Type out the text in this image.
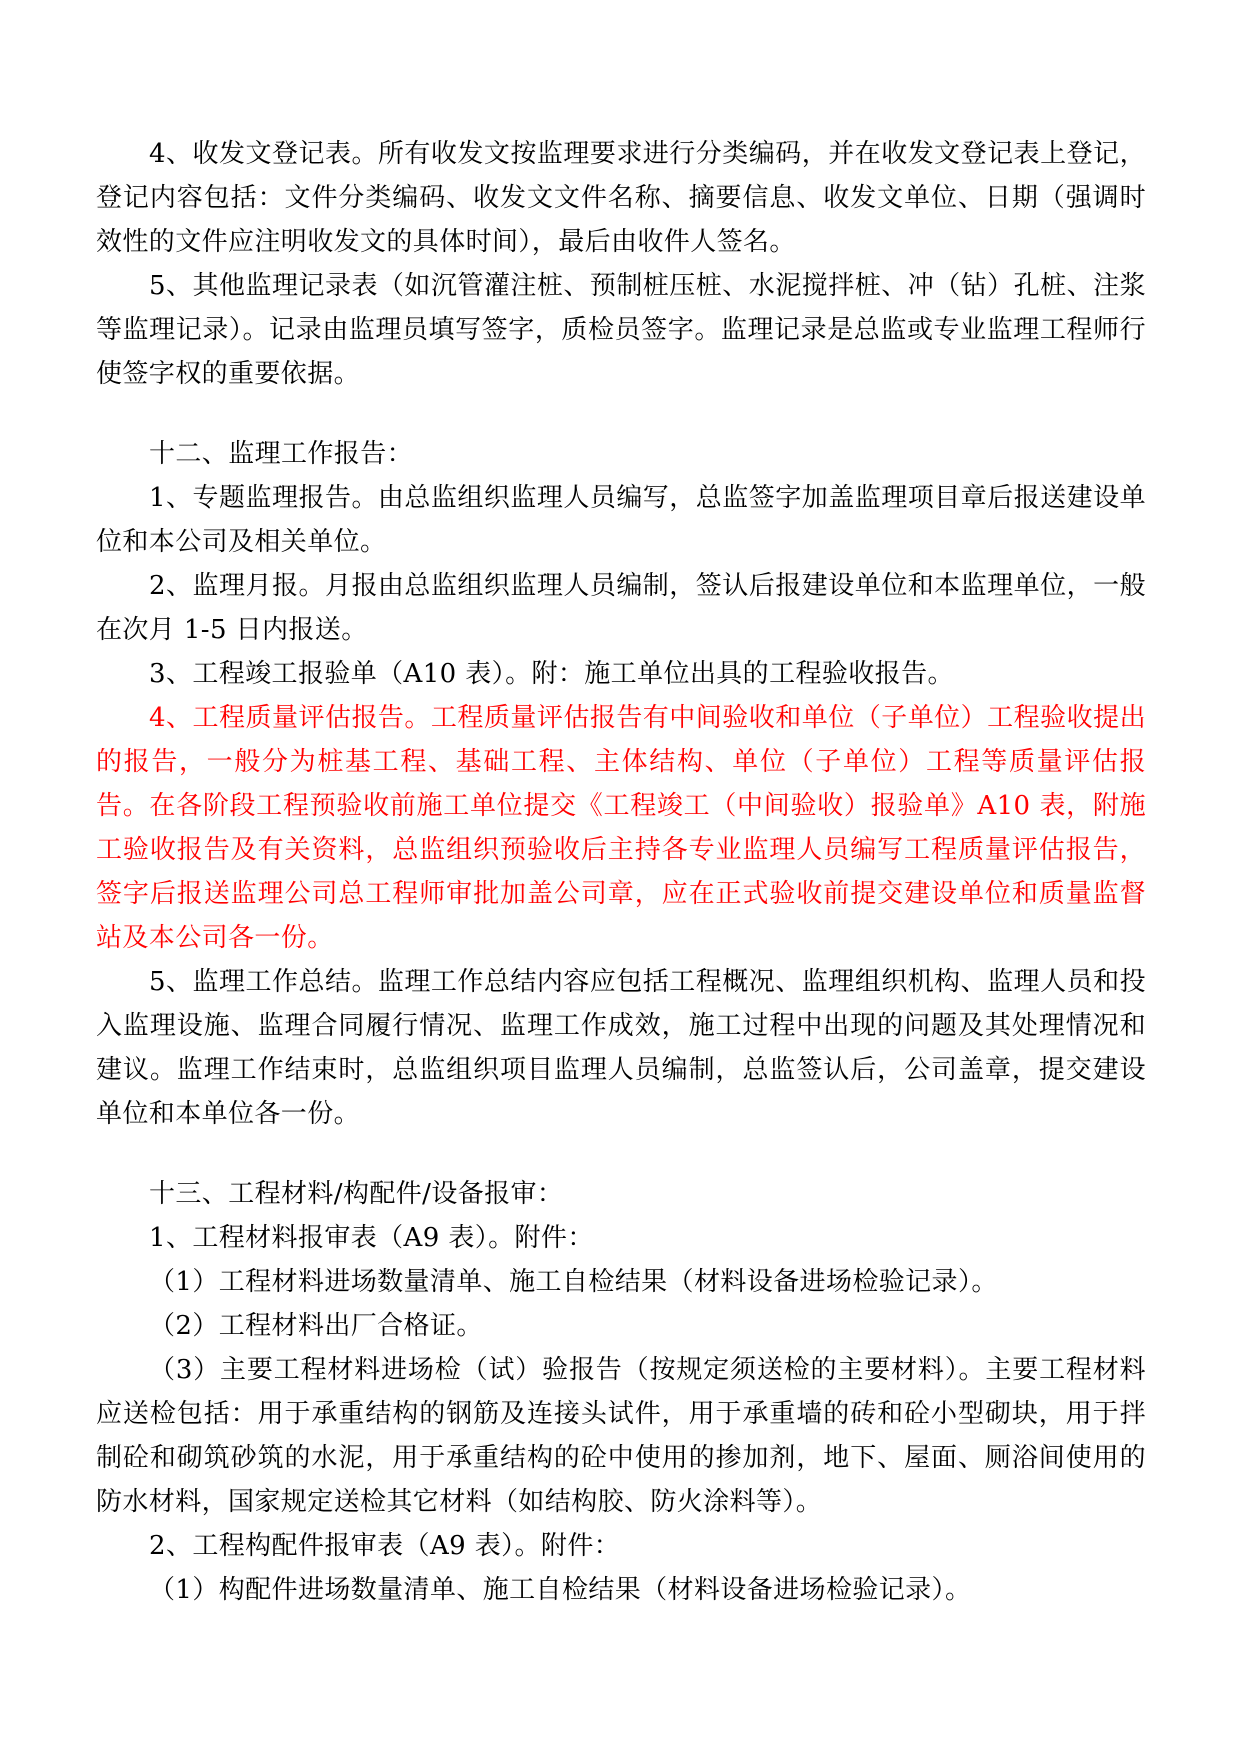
4、收发文登记表。所有收发文按监理要求进行分类编码，并在收发文登记表上登记，登记内容包括：文件分类编码、收发文文件名称、摘要信息、收发文单位、日期（强调时效性的文件应注明收发文的具体时间），最后由收件人签名。

5、其他监理记录表（如沉管灌注桩、预制桩压桩、水泥搅拌桩、冲（钻）孔桩、注浆等监理记录）。记录由监理员填写签字，质检员签字。监理记录是总监或专业监理工程师行使签字权的重要依据。

十二、监理工作报告：

1、专题监理报告。由总监组织监理人员编写，总监签字加盖监理项目章后报送建设单位和本公司及相关单位。

2、监理月报。月报由总监组织监理人员编制，签认后报建设单位和本监理单位，一般在次月 1-5 日内报送。

3、工程竣工报验单（A10 表）。附：施工单位出具的工程验收报告。

4、工程质量评估报告。工程质量评估报告有中间验收和单位（子单位）工程验收提出的报告，一般分为桩基工程、基础工程、主体结构、单位（子单位）工程等质量评估报告。在各阶段工程预验收前施工单位提交《工程竣工（中间验收）报验单》A10 表，附施工验收报告及有关资料，总监组织预验收后主持各专业监理人员编写工程质量评估报告，签字后报送监理公司总工程师审批加盖公司章，应在正式验收前提交建设单位和质量监督站及本公司各一份。

5、监理工作总结。监理工作总结内容应包括工程概况、监理组织机构、监理人员和投入监理设施、监理合同履行情况、监理工作成效，施工过程中出现的问题及其处理情况和建议。监理工作结束时，总监组织项目监理人员编制，总监签认后，公司盖章，提交建设单位和本单位各一份。

十三、工程材料/构配件/设备报审：

1、工程材料报审表（A9 表）。附件：

（1）工程材料进场数量清单、施工自检结果（材料设备进场检验记录）。

（2）工程材料出厂合格证。

（3）主要工程材料进场检（试）验报告（按规定须送检的主要材料）。主要工程材料应送检包括：用于承重结构的钢筋及连接头试件，用于承重墙的砖和砼小型砌块，用于拌制砼和砌筑砂筑的水泥，用于承重结构的砼中使用的掺加剂，地下、屋面、厕浴间使用的防水材料，国家规定送检其它材料（如结构胶、防火涂料等）。

2、工程构配件报审表（A9 表）。附件：

（1）构配件进场数量清单、施工自检结果（材料设备进场检验记录）。
